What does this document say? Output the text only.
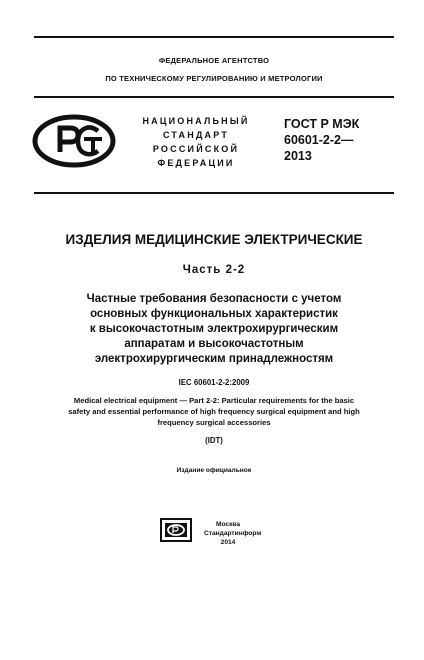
ФЕДЕРАЛЬНОЕ АГЕНТСТВО
ПО ТЕХНИЧЕСКОМУ РЕГУЛИРОВАНИЮ И МЕТРОЛОГИИ
НАЦИОНАЛЬНЫЙ
СТАНДАРТ
РОССИЙСКОЙ
ФЕДЕРАЦИИ
ГОСТ Р МЭК
60601-2-2—
2013
ИЗДЕЛИЯ МЕДИЦИНСКИЕ ЭЛЕКТРИЧЕСКИЕ
Часть 2-2
Частные требования безопасности с учетом
основных функциональных характеристик
к высокочастотным электрохирургическим
аппаратам и высокочастотным
электрохирургическим принадлежностям
IEC 60601-2-2:2009
Medical electrical equipment — Part 2-2: Particular requirements for the basic
safety and essential performance of high frequency surgical equipment and high
frequency surgical accessories
(IDT)
Издание официальное
Москва
Стандартинформ
2014
